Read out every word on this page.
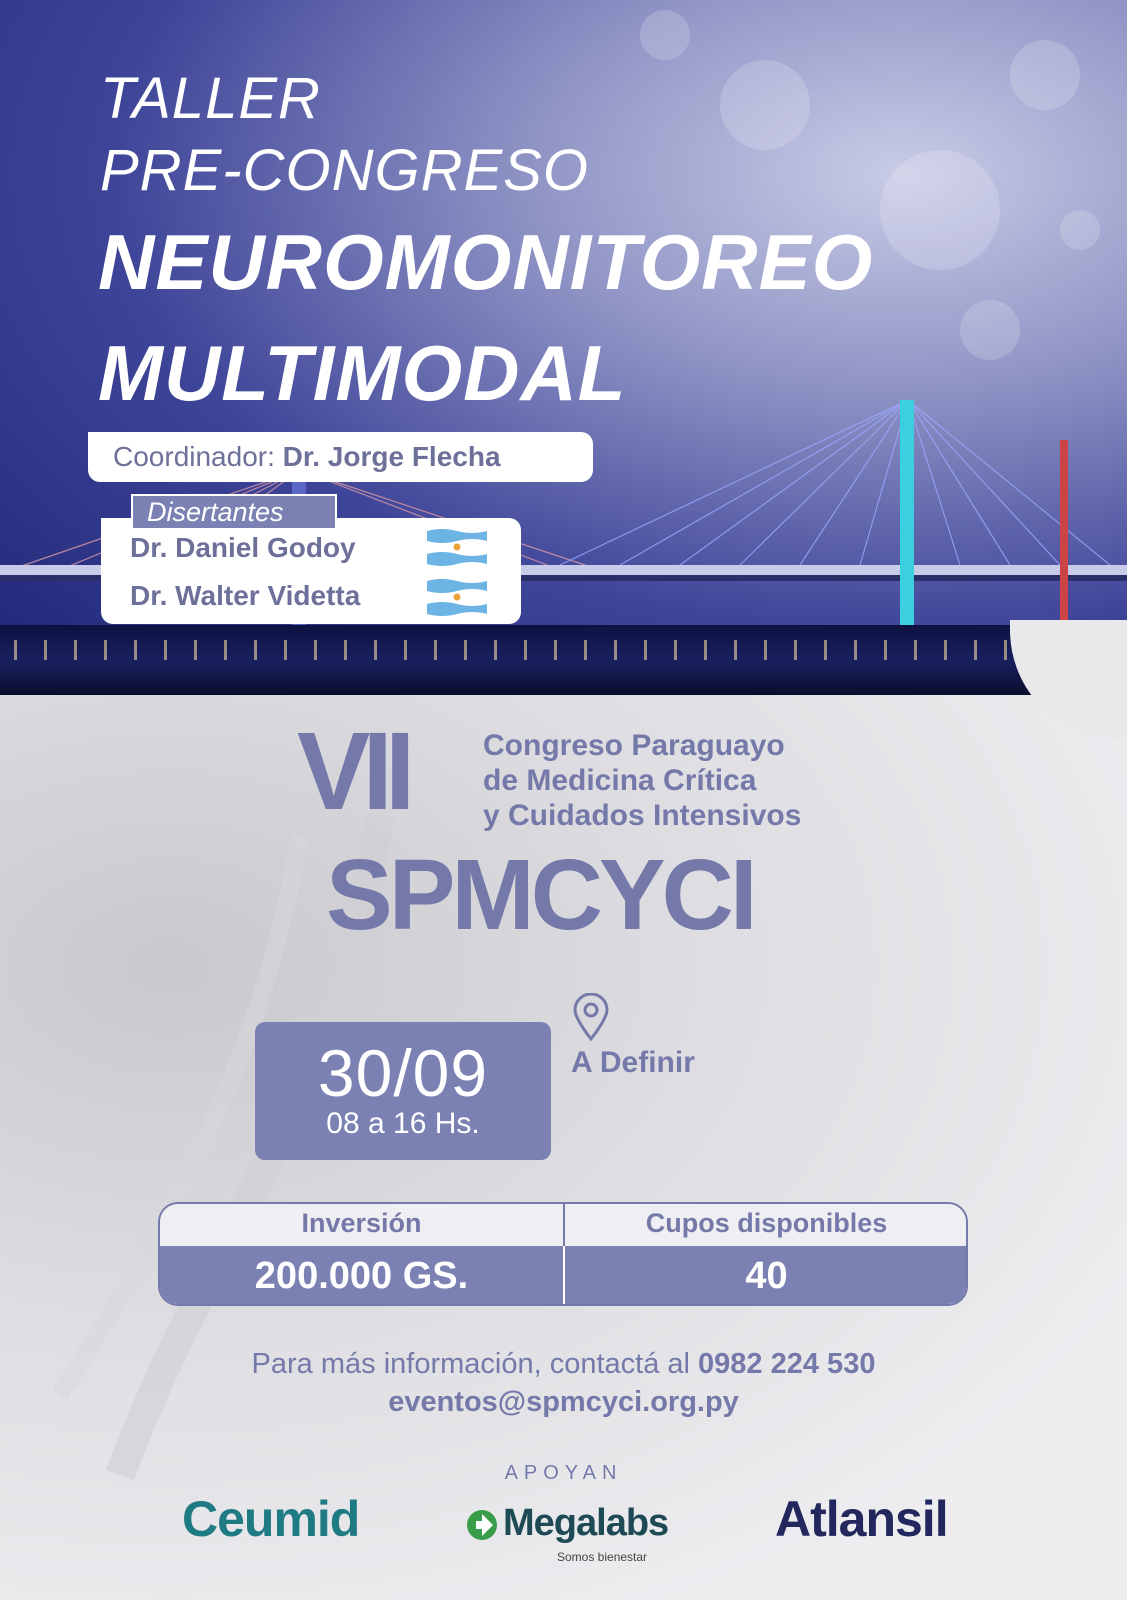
TALLER
PRE-CONGRESO
NEUROMONITOREO
MULTIMODAL
Coordinador: Dr. Jorge Flecha
Disertantes
Dr. Daniel Godoy
Dr. Walter Videtta
VII	Congreso Paraguayo
de Medicina Crítica
y Cuidados Intensivos
SPMCYCI
30/09
08 a 16 Hs.
A Definir
Inversión	Cupos disponibles
200.000 GS.	40
Para más información, contactá al 0982 224 530
eventos@spmcyci.org.py
APOYAN
Ceumid	Megalabs
Somos bienestar
Atlansil
